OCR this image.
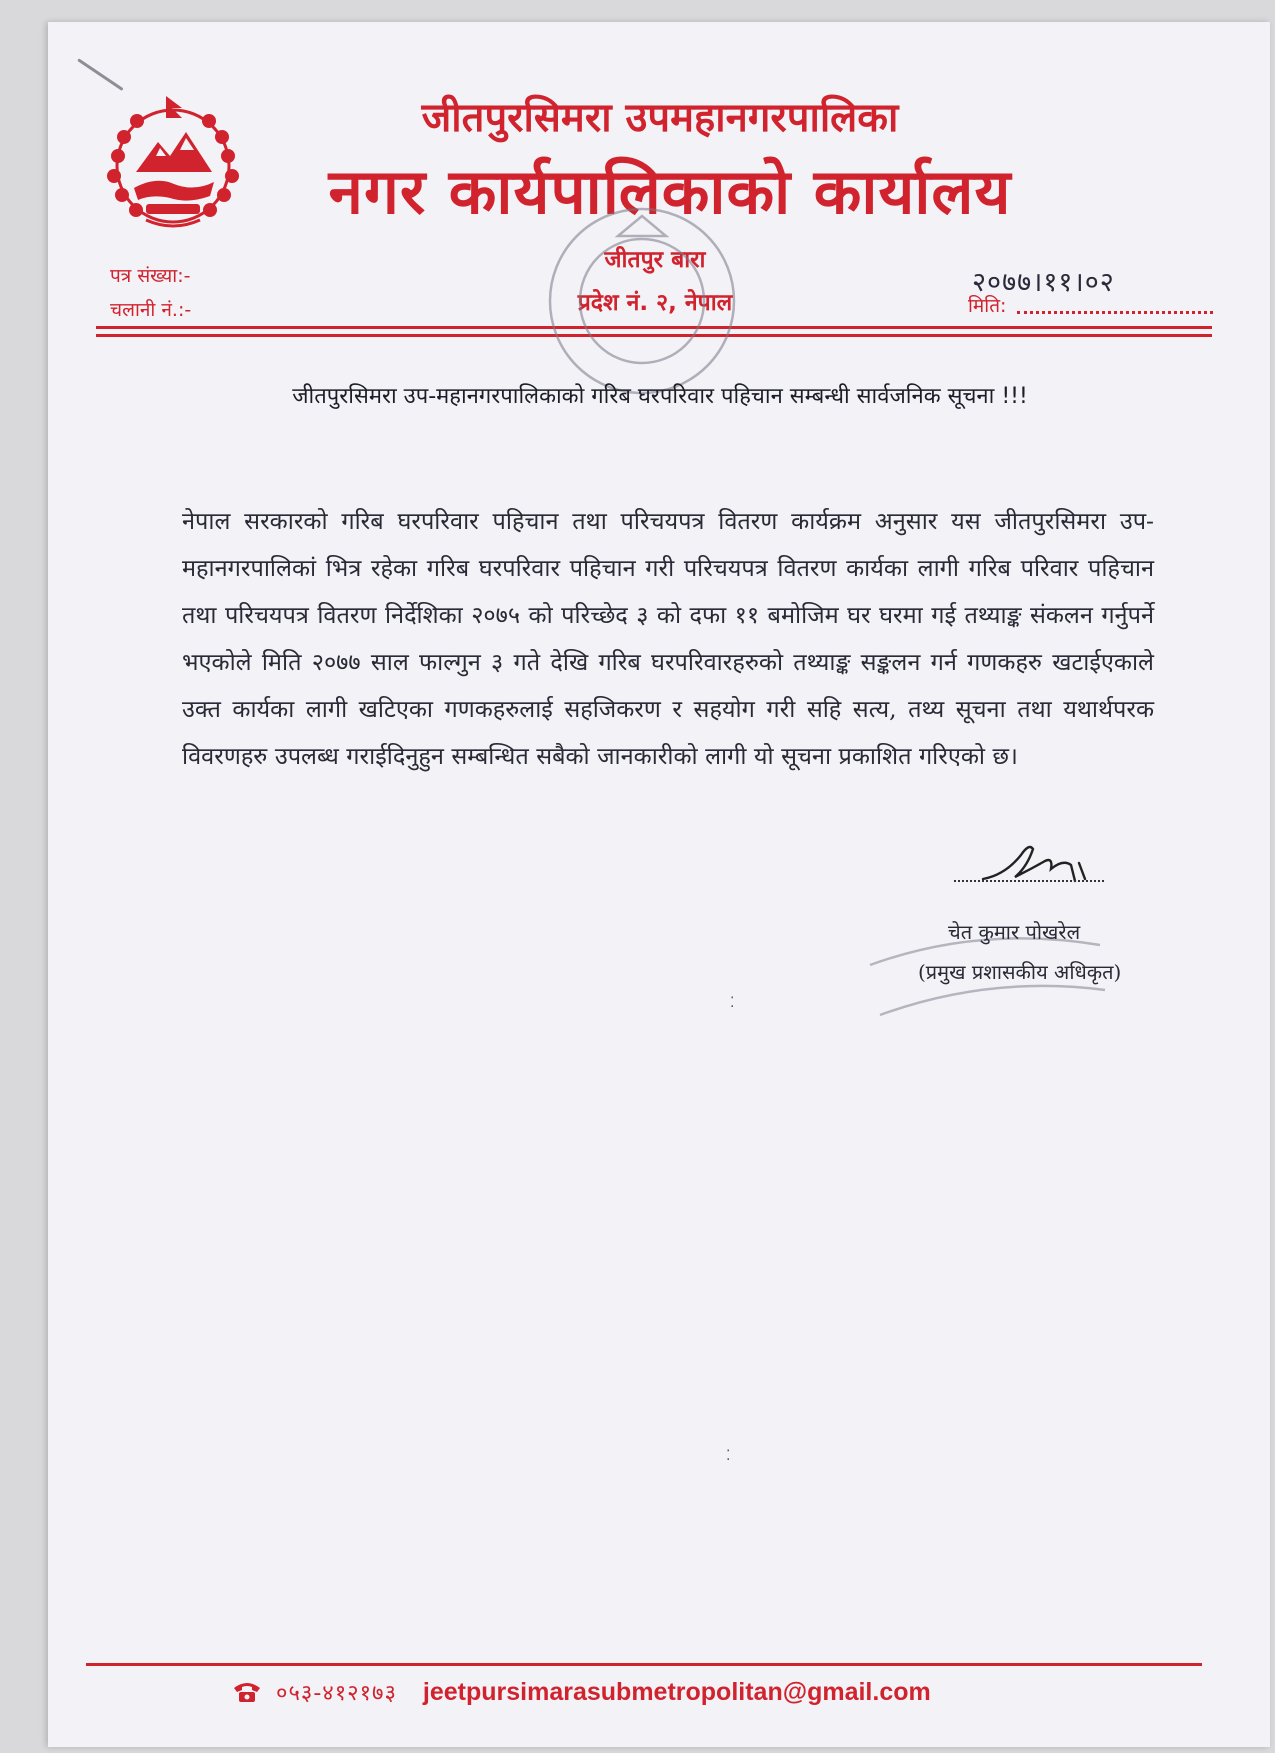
जीतपुरसिमरा उपमहानगरपालिका
नगर कार्यपालिकाको कार्यालय
पत्र संख्या:-
चलानी नं.:-
जीतपुर बारा
प्रदेश नं. २, नेपाल
२०७७।११।०२
मिति:
जीतपुरसिमरा उप-महानगरपालिकाको गरिब घरपरिवार पहिचान सम्बन्धी सार्वजनिक सूचना !!!

नेपाल सरकारको गरिब घरपरिवार पहिचान तथा परिचयपत्र वितरण कार्यक्रम अनुसार यस जीतपुरसिमरा उप-महानगरपालिकां भित्र रहेका गरिब घरपरिवार पहिचान गरी परिचयपत्र वितरण कार्यका लागी गरिब परिवार पहिचान तथा परिचयपत्र वितरण निर्देशिका २०७५ को परिच्छेद ३ को दफा ११ बमोजिम घर घरमा गई तथ्याङ्क संकलन गर्नुपर्ने भएकोले मिति २०७७ साल फाल्गुन ३ गते देखि गरिब घरपरिवारहरुको तथ्याङ्क सङ्कलन गर्न गणकहरु खटाईएकाले उक्त कार्यका लागी खटिएका गणकहरुलाई सहजिकरण र सहयोग गरी सहि सत्य, तथ्य सूचना तथा यथार्थपरक विवरणहरु उपलब्ध गराईदिनुहुन सम्बन्धित सबैको जानकारीको लागी यो सूचना प्रकाशित गरिएको छ।

चेत कुमार पोखरेल
(प्रमुख प्रशासकीय अधिकृत)
⁚
⁚
०५३-४१२१७३ jeetpursimarasubmetropolitan@gmail.com
